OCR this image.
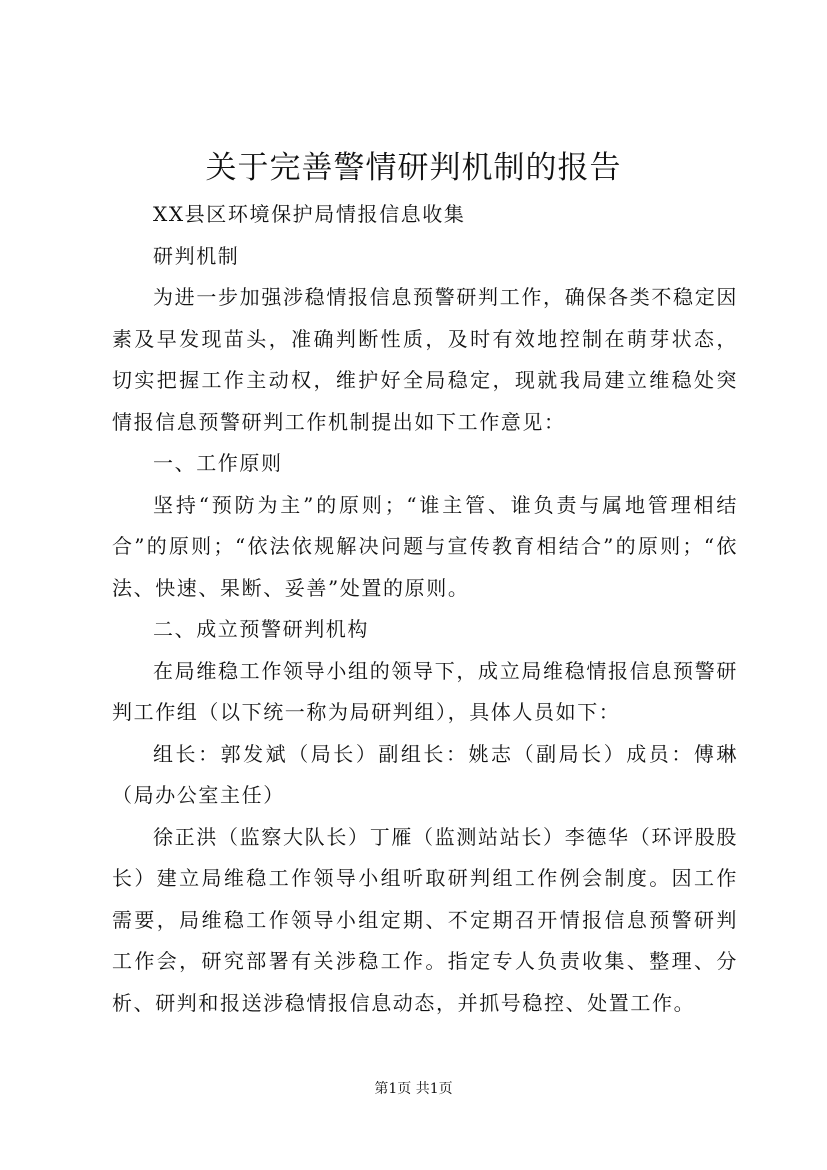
关于完善警情研判机制的报告

XX县区环境保护局情报信息收集

研判机制

为进一步加强涉稳情报信息预警研判工作，确保各类不稳定因素及早发现苗头，准确判断性质，及时有效地控制在萌芽状态，切实把握工作主动权，维护好全局稳定，现就我局建立维稳处突情报信息预警研判工作机制提出如下工作意见：

一、工作原则

坚持“预防为主”的原则；“谁主管、谁负责与属地管理相结合”的原则；“依法依规解决问题与宣传教育相结合”的原则；“依法、快速、果断、妥善”处置的原则。

二、成立预警研判机构

在局维稳工作领导小组的领导下，成立局维稳情报信息预警研判工作组（以下统一称为局研判组），具体人员如下：

组长：郭发斌（局长）副组长：姚志（副局长）成员：傅琳（局办公室主任）

徐正洪（监察大队长）丁雁（监测站站长）李德华（环评股股长）建立局维稳工作领导小组听取研判组工作例会制度。因工作需要，局维稳工作领导小组定期、不定期召开情报信息预警研判工作会，研究部署有关涉稳工作。指定专人负责收集、整理、分析、研判和报送涉稳情报信息动态，并抓号稳控、处置工作。

第1页 共1页
